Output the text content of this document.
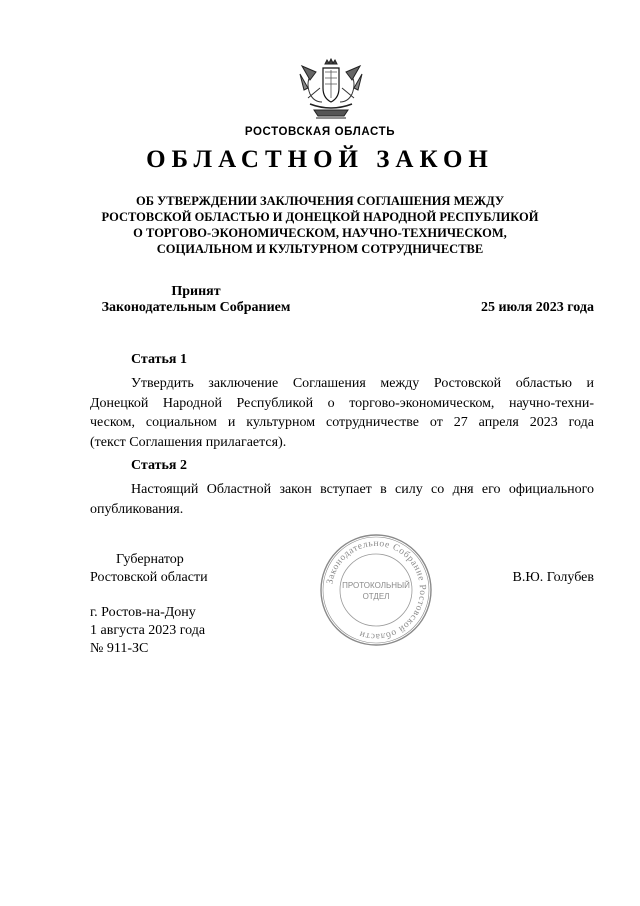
РОСТОВСКАЯ ОБЛАСТЬ
ОБЛАСТНОЙ ЗАКОН
ОБ УТВЕРЖДЕНИИ ЗАКЛЮЧЕНИЯ СОГЛАШЕНИЯ МЕЖДУ
РОСТОВСКОЙ ОБЛАСТЬЮ И ДОНЕЦКОЙ НАРОДНОЙ РЕСПУБЛИКОЙ
О ТОРГОВО-ЭКОНОМИЧЕСКОМ, НАУЧНО-ТЕХНИЧЕСКОМ,
СОЦИАЛЬНОМ И КУЛЬТУРНОМ СОТРУДНИЧЕСТВЕ
Принят
Законодательным Собранием	25 июля 2023 года
Статья 1
Утвердить заключение Соглашения между Ростовской областью и
Донецкой Народной Республикой о торгово-экономическом, научно-техни-
ческом, социальном и культурном сотрудничестве от 27 апреля 2023 года
(текст Соглашения прилагается).
Статья 2
Настоящий Областной закон вступает в силу со дня его официального
опубликования.
Губернатор
Ростовской области	В.Ю. Голубев
Законодательное Собрание Ростовской области
ПРОТОКОЛЬНЫЙ
ОТДЕЛ
г. Ростов-на-Дону
1 августа 2023 года
№ 911-ЗС
